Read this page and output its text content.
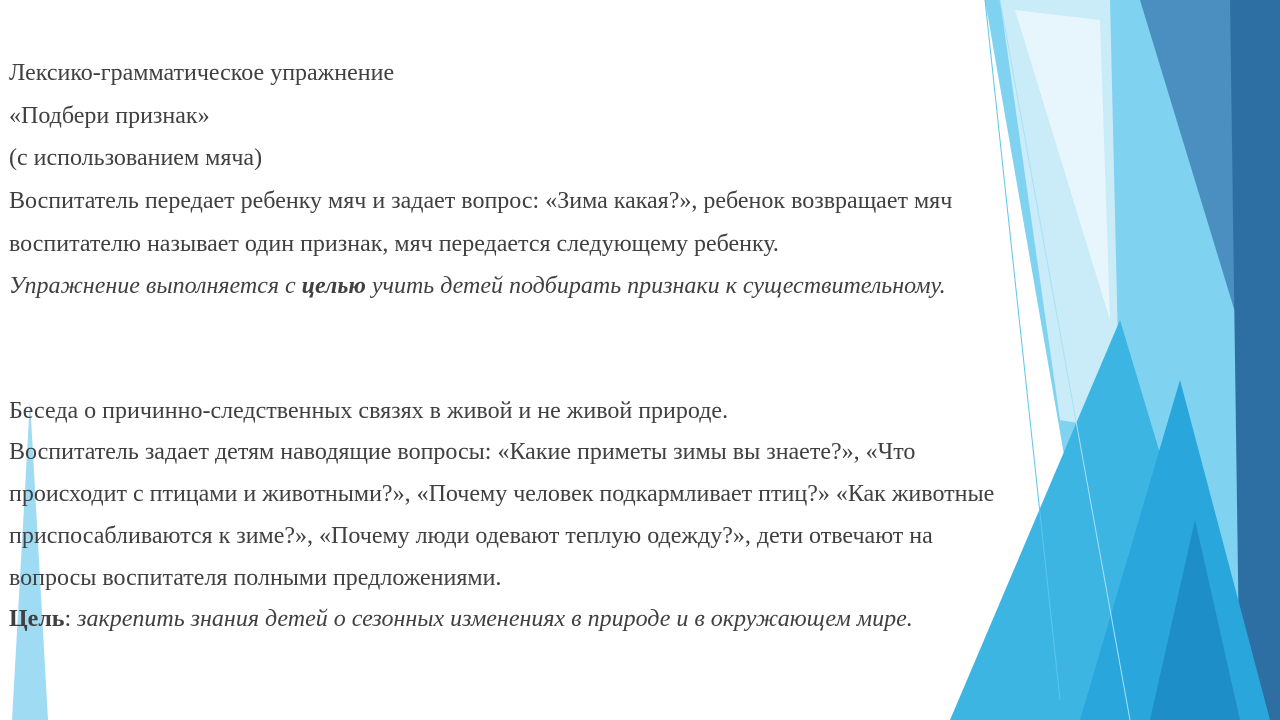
Лексико-грамматическое упражнение
«Подбери признак»
(с использованием мяча)
Воспитатель передает ребенку мяч и задает вопрос: «Зима какая?», ребенок возвращает мяч
воспитателю называет один признак, мяч передается следующему ребенку.
Упражнение выполняется с целью учить детей подбирать признаки к существительному.
Беседа о причинно-следственных связях в живой и не живой природе.
Воспитатель задает детям наводящие вопросы: «Какие приметы зимы вы знаете?», «Что
происходит с птицами и животными?», «Почему человек подкармливает птиц?» «Как животные
приспосабливаются к зиме?», «Почему люди одевают теплую одежду?», дети отвечают на
вопросы воспитателя полными предложениями.
Цель: закрепить знания детей о сезонных изменениях в природе и в окружающем мире.
